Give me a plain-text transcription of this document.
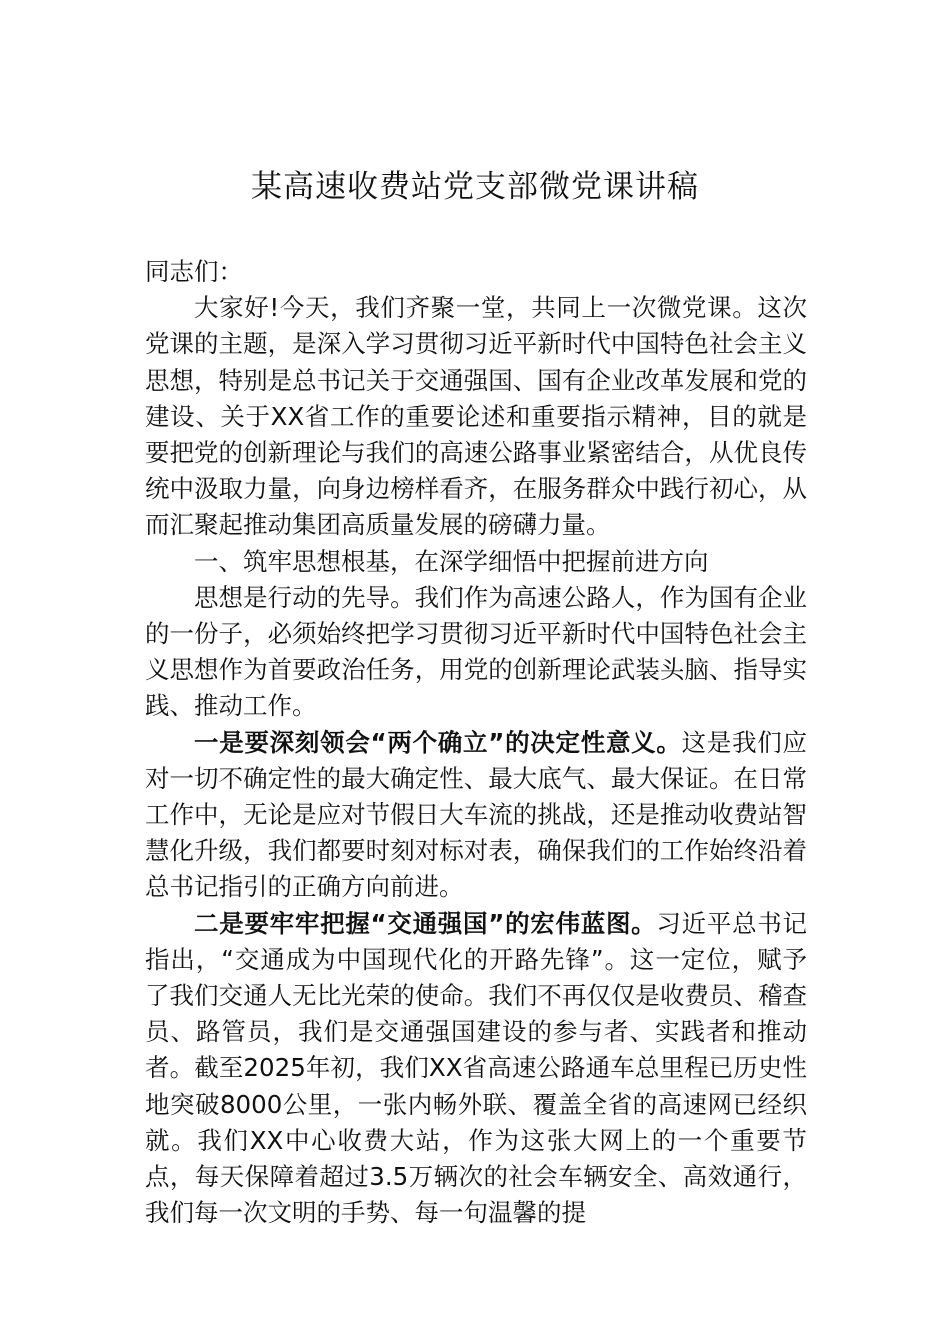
某高速收费站党支部微党课讲稿

同志们：

大家好!今天，我们齐聚一堂，共同上一次微党课。这次党课的主题，是深入学习贯彻习近平新时代中国特色社会主义思想，特别是总书记关于交通强国、国有企业改革发展和党的建设、关于XX省工作的重要论述和重要指示精神，目的就是要把党的创新理论与我们的高速公路事业紧密结合，从优良传统中汲取力量，向身边榜样看齐，在服务群众中践行初心，从而汇聚起推动集团高质量发展的磅礴力量。

一、筑牢思想根基，在深学细悟中把握前进方向

思想是行动的先导。我们作为高速公路人，作为国有企业的一份子，必须始终把学习贯彻习近平新时代中国特色社会主义思想作为首要政治任务，用党的创新理论武装头脑、指导实践、推动工作。

一是要深刻领会“两个确立”的决定性意义。这是我们应对一切不确定性的最大确定性、最大底气、最大保证。在日常工作中，无论是应对节假日大车流的挑战，还是推动收费站智慧化升级，我们都要时刻对标对表，确保我们的工作始终沿着总书记指引的正确方向前进。

二是要牢牢把握“交通强国”的宏伟蓝图。习近平总书记指出，“交通成为中国现代化的开路先锋”。这一定位，赋予了我们交通人无比光荣的使命。我们不再仅仅是收费员、稽查员、路管员，我们是交通强国建设的参与者、实践者和推动者。截至2025年初，我们XX省高速公路通车总里程已历史性地突破8000公里，一张内畅外联、覆盖全省的高速网已经织就。我们XX中心收费大站，作为这张大网上的一个重要节点，每天保障着超过3.5万辆次的社会车辆安全、高效通行，我们每一次文明的手势、每一句温馨的提
